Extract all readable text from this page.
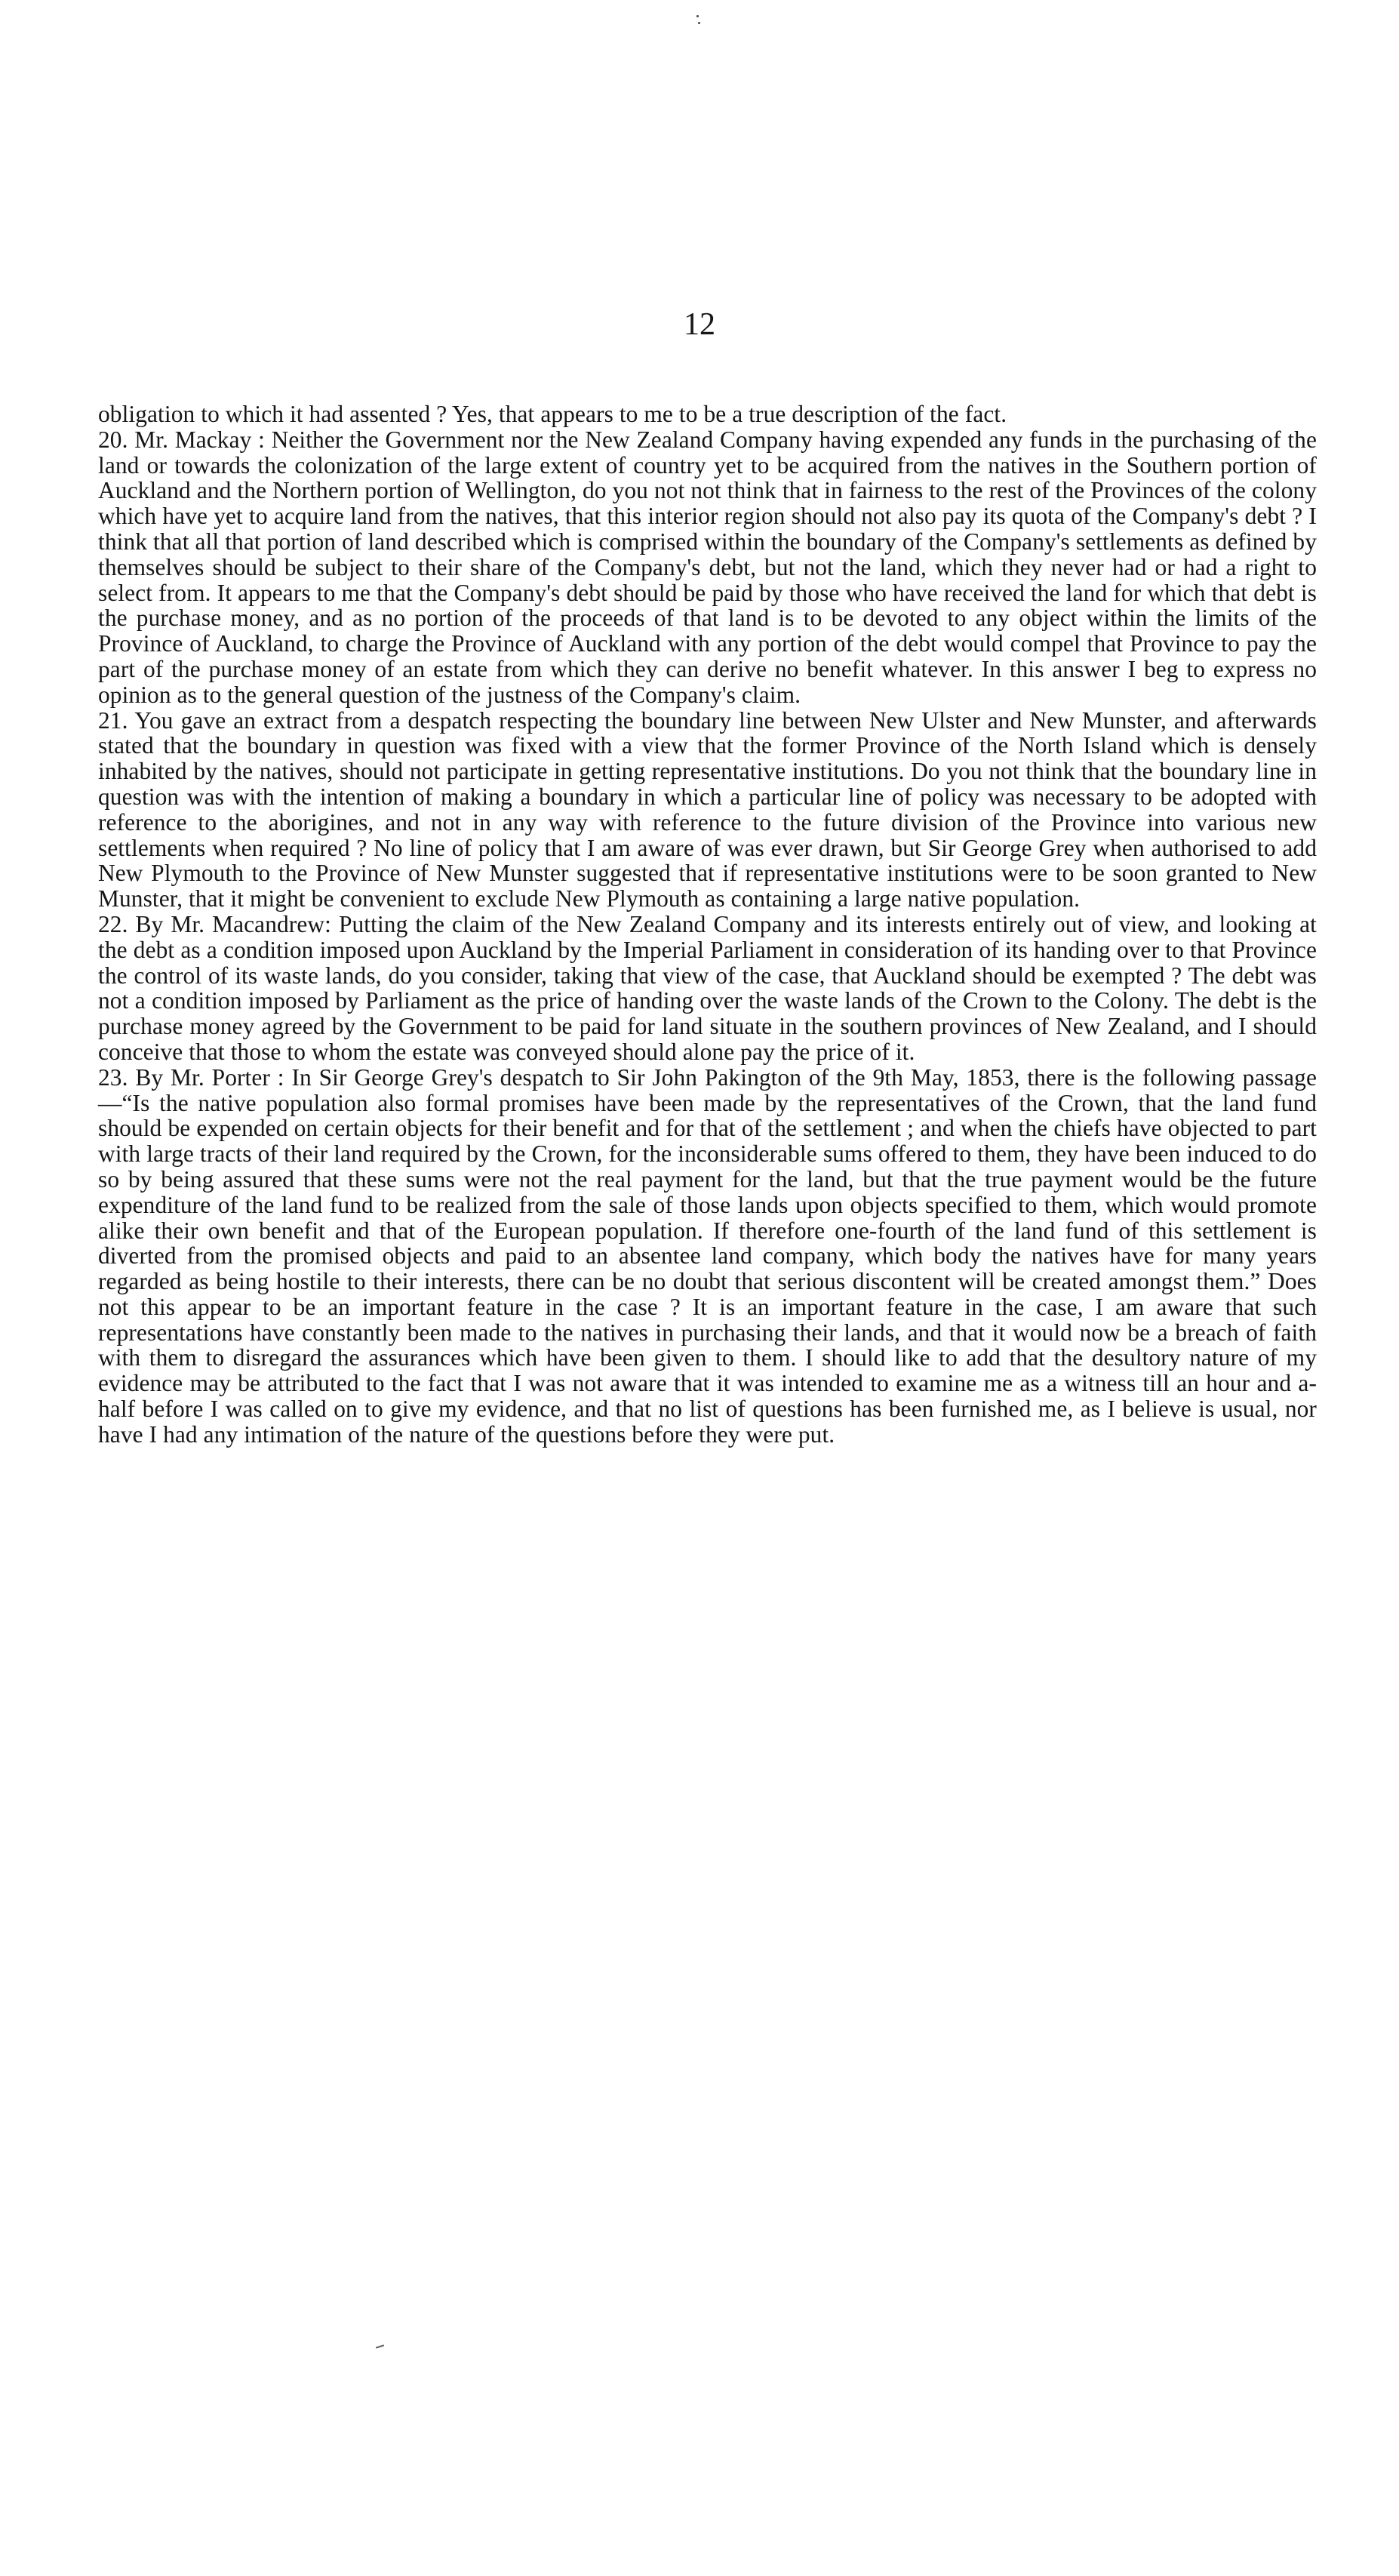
12

obligation to which it had assented ? Yes, that appears to me to be a true description of the fact.

20. Mr. Mackay : Neither the Government nor the New Zealand Company having expended any funds in the purchasing of the land or towards the colonization of the large extent of country yet to be acquired from the natives in the Southern portion of Auckland and the Northern portion of Wellington, do you not not think that in fairness to the rest of the Provinces of the colony which have yet to acquire land from the natives, that this interior region should not also pay its quota of the Company's debt ? I think that all that portion of land described which is comprised within the boundary of the Company's settlements as defined by themselves should be subject to their share of the Company's debt, but not the land, which they never had or had a right to select from. It appears to me that the Company's debt should be paid by those who have received the land for which that debt is the purchase money, and as no portion of the proceeds of that land is to be devoted to any object within the limits of the Province of Auckland, to charge the Province of Auckland with any portion of the debt would compel that Province to pay the part of the purchase money of an estate from which they can derive no benefit whatever. In this answer I beg to express no opinion as to the general question of the justness of the Company's claim.

21. You gave an extract from a despatch respecting the boundary line between New Ulster and New Munster, and afterwards stated that the boundary in question was fixed with a view that the former Province of the North Island which is densely inhabited by the natives, should not participate in getting representative institutions. Do you not think that the boundary line in question was with the intention of making a boundary in which a particular line of policy was necessary to be adopted with reference to the aborigines, and not in any way with reference to the future division of the Province into various new settlements when required ? No line of policy that I am aware of was ever drawn, but Sir George Grey when authorised to add New Plymouth to the Province of New Munster suggested that if representative institutions were to be soon granted to New Munster, that it might be convenient to exclude New Plymouth as containing a large native population.

22. By Mr. Macandrew: Putting the claim of the New Zealand Company and its interests entirely out of view, and looking at the debt as a condition imposed upon Auckland by the Imperial Parliament in consideration of its handing over to that Province the control of its waste lands, do you consider, taking that view of the case, that Auckland should be exempted ? The debt was not a condition imposed by Parliament as the price of handing over the waste lands of the Crown to the Colony. The debt is the purchase money agreed by the Government to be paid for land situate in the southern provinces of New Zealand, and I should conceive that those to whom the estate was conveyed should alone pay the price of it.

23. By Mr. Porter : In Sir George Grey's despatch to Sir John Pakington of the 9th May, 1853, there is the following passage—“Is the native population also formal promises have been made by the representatives of the Crown, that the land fund should be expended on certain objects for their benefit and for that of the settlement ; and when the chiefs have objected to part with large tracts of their land required by the Crown, for the inconsiderable sums offered to them, they have been induced to do so by being assured that these sums were not the real payment for the land, but that the true payment would be the future expenditure of the land fund to be realized from the sale of those lands upon objects specified to them, which would promote alike their own benefit and that of the European population. If therefore one-fourth of the land fund of this settlement is diverted from the promised objects and paid to an absentee land company, which body the natives have for many years regarded as being hostile to their interests, there can be no doubt that serious discontent will be created amongst them.” Does not this appear to be an important feature in the case ? It is an important feature in the case, I am aware that such representations have constantly been made to the natives in purchasing their lands, and that it would now be a breach of faith with them to disregard the assurances which have been given to them. I should like to add that the desultory nature of my evidence may be attributed to the fact that I was not aware that it was intended to examine me as a witness till an hour and a-half before I was called on to give my evidence, and that no list of questions has been furnished me, as I believe is usual, nor have I had any intimation of the nature of the questions before they were put.
